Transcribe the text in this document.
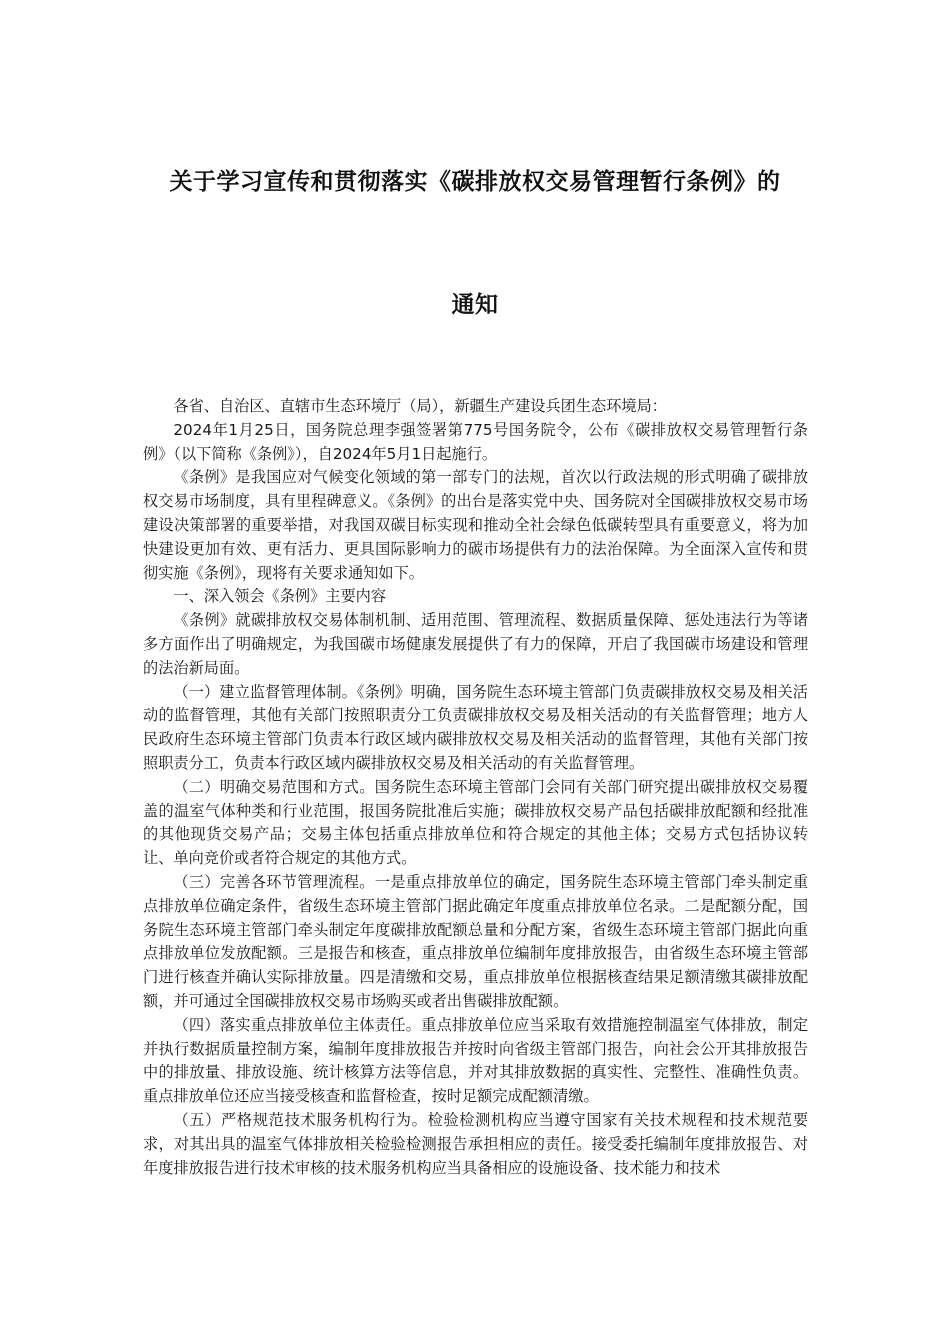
关于学习宣传和贯彻落实《碳排放权交易管理暂行条例》的
通知

各省、自治区、直辖市生态环境厅（局），新疆生产建设兵团生态环境局：

2024年1月25日，国务院总理李强签署第775号国务院令，公布《碳排放权交易管理暂行条例》（以下简称《条例》），自2024年5月1日起施行。

《条例》是我国应对气候变化领域的第一部专门的法规，首次以行政法规的形式明确了碳排放权交易市场制度，具有里程碑意义。《条例》的出台是落实党中央、国务院对全国碳排放权交易市场建设决策部署的重要举措，对我国双碳目标实现和推动全社会绿色低碳转型具有重要意义，将为加快建设更加有效、更有活力、更具国际影响力的碳市场提供有力的法治保障。为全面深入宣传和贯彻实施《条例》，现将有关要求通知如下。

一、深入领会《条例》主要内容

《条例》就碳排放权交易体制机制、适用范围、管理流程、数据质量保障、惩处违法行为等诸多方面作出了明确规定，为我国碳市场健康发展提供了有力的保障，开启了我国碳市场建设和管理的法治新局面。

（一）建立监督管理体制。《条例》明确，国务院生态环境主管部门负责碳排放权交易及相关活动的监督管理，其他有关部门按照职责分工负责碳排放权交易及相关活动的有关监督管理；地方人民政府生态环境主管部门负责本行政区域内碳排放权交易及相关活动的监督管理，其他有关部门按照职责分工，负责本行政区域内碳排放权交易及相关活动的有关监督管理。

（二）明确交易范围和方式。国务院生态环境主管部门会同有关部门研究提出碳排放权交易覆盖的温室气体种类和行业范围，报国务院批准后实施；碳排放权交易产品包括碳排放配额和经批准的其他现货交易产品；交易主体包括重点排放单位和符合规定的其他主体；交易方式包括协议转让、单向竞价或者符合规定的其他方式。

（三）完善各环节管理流程。一是重点排放单位的确定，国务院生态环境主管部门牵头制定重点排放单位确定条件，省级生态环境主管部门据此确定年度重点排放单位名录。二是配额分配，国务院生态环境主管部门牵头制定年度碳排放配额总量和分配方案，省级生态环境主管部门据此向重点排放单位发放配额。三是报告和核查，重点排放单位编制年度排放报告，由省级生态环境主管部门进行核查并确认实际排放量。四是清缴和交易，重点排放单位根据核查结果足额清缴其碳排放配额，并可通过全国碳排放权交易市场购买或者出售碳排放配额。

（四）落实重点排放单位主体责任。重点排放单位应当采取有效措施控制温室气体排放，制定并执行数据质量控制方案，编制年度排放报告并按时向省级主管部门报告，向社会公开其排放报告中的排放量、排放设施、统计核算方法等信息，并对其排放数据的真实性、完整性、准确性负责。重点排放单位还应当接受核查和监督检查，按时足额完成配额清缴。

（五）严格规范技术服务机构行为。检验检测机构应当遵守国家有关技术规程和技术规范要求，对其出具的温室气体排放相关检验检测报告承担相应的责任。接受委托编制年度排放报告、对年度排放报告进行技术审核的技术服务机构应当具备相应的设施设备、技术能力和技术
